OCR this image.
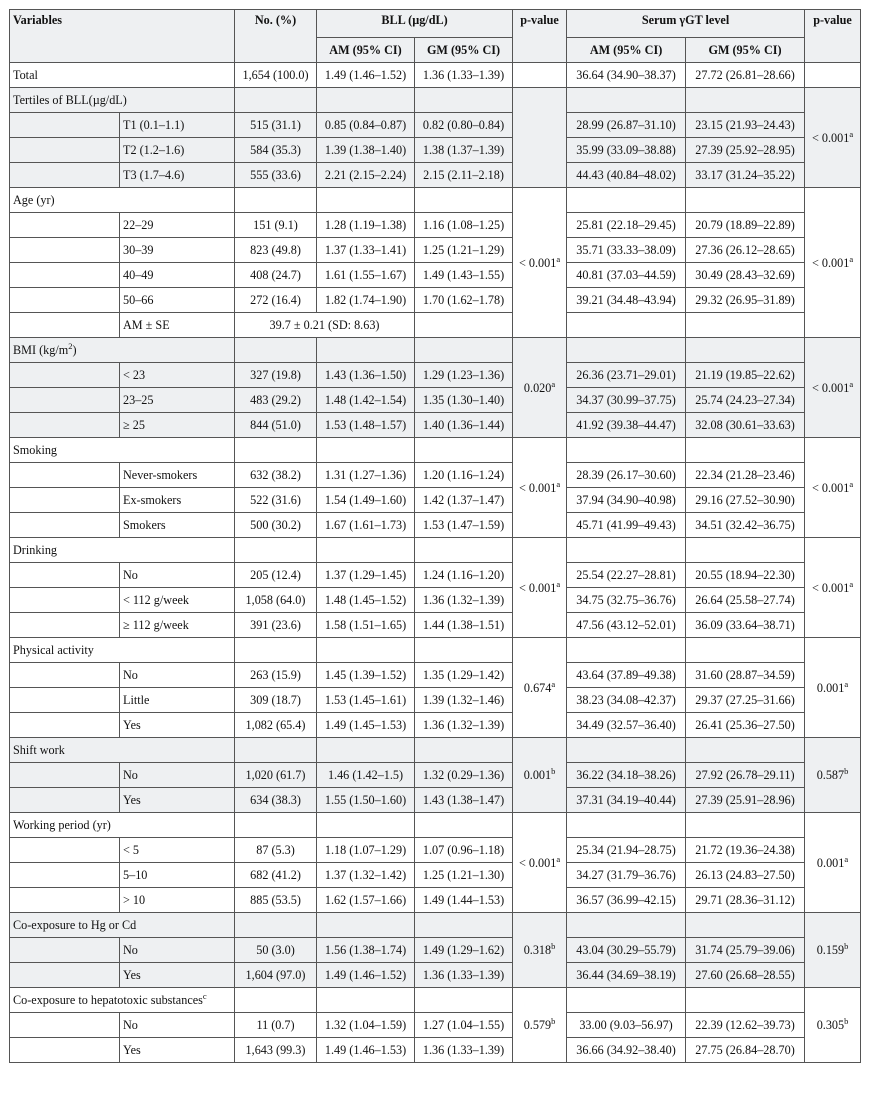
Variables		No. (%)	BLL (µg/dL)		p-value	Serum γGT level		p-value
			AM (95% CI)	GM (95% CI)		AM (95% CI)	GM (95% CI)	
Total		1,654 (100.0)	1.49 (1.46–1.52)	1.36 (1.33–1.39)		36.64 (34.90–38.37)	27.72 (26.81–28.66)	
Tertiles of BLL(µg/dL)								< 0.001$^a$
	T1 (0.1–1.1)	515 (31.1)	0.85 (0.84–0.87)	0.82 (0.80–0.84)		28.99 (26.87–31.10)	23.15 (21.93–24.43)	
	T2 (1.2–1.6)	584 (35.3)	1.39 (1.38–1.40)	1.38 (1.37–1.39)		35.99 (33.09–38.88)	27.39 (25.92–28.95)	
	T3 (1.7–4.6)	555 (33.6)	2.21 (2.15–2.24)	2.15 (2.11–2.18)		44.43 (40.84–48.02)	33.17 (31.24–35.22)	
Age (yr)					< 0.001$^a$			< 0.001$^a$
	22–29	151 (9.1)	1.28 (1.19–1.38)	1.16 (1.08–1.25)		25.81 (22.18–29.45)	20.79 (18.89–22.89)	
	30–39	823 (49.8)	1.37 (1.33–1.41)	1.25 (1.21–1.29)		35.71 (33.33–38.09)	27.36 (26.12–28.65)	
	40–49	408 (24.7)	1.61 (1.55–1.67)	1.49 (1.43–1.55)		40.81 (37.03–44.59)	30.49 (28.43–32.69)	
	50–66	272 (16.4)	1.82 (1.74–1.90)	1.70 (1.62–1.78)		39.21 (34.48–43.94)	29.32 (26.95–31.89)	
	AM ± SE	39.7 ± 0.21 (SD: 8.63)						
BMI $(kg/m^2)$					0.020$^a$			< 0.001$^a$
	< 23	327 (19.8)	1.43 (1.36–1.50)	1.29 (1.23–1.36)		26.36 (23.71–29.01)	21.19 (19.85–22.62)	
	23–25	483 (29.2)	1.48 (1.42–1.54)	1.35 (1.30–1.40)		34.37 (30.99–37.75)	25.74 (24.23–27.34)	
	≥ 25	844 (51.0)	1.53 (1.48–1.57)	1.40 (1.36–1.44)		41.92 (39.38–44.47)	32.08 (30.61–33.63)	
Smoking					< 0.001$^a$			< 0.001$^a$
	Never-smokers	632 (38.2)	1.31 (1.27–1.36)	1.20 (1.16–1.24)		28.39 (26.17–30.60)	22.34 (21.28–23.46)	
	Ex-smokers	522 (31.6)	1.54 (1.49–1.60)	1.42 (1.37–1.47)		37.94 (34.90–40.98)	29.16 (27.52–30.90)	
	Smokers	500 (30.2)	1.67 (1.61–1.73)	1.53 (1.47–1.59)		45.71 (41.99–49.43)	34.51 (32.42–36.75)	
Drinking					< 0.001$^a$			< 0.001$^a$
	No	205 (12.4)	1.37 (1.29–1.45)	1.24 (1.16–1.20)		25.54 (22.27–28.81)	20.55 (18.94–22.30)	
	< 112 g/week	1,058 (64.0)	1.48 (1.45–1.52)	1.36 (1.32–1.39)		34.75 (32.75–36.76)	26.64 (25.58–27.74)	
	≥ 112 g/week	391 (23.6)	1.58 (1.51–1.65)	1.44 (1.38–1.51)		47.56 (43.12–52.01)	36.09 (33.64–38.71)	
Physical activity					0.674$^a$			0.001$^a$
	No	263 (15.9)	1.45 (1.39–1.52)	1.35 (1.29–1.42)		43.64 (37.89–49.38)	31.60 (28.87–34.59)	
	Little	309 (18.7)	1.53 (1.45–1.61)	1.39 (1.32–1.46)		38.23 (34.08–42.37)	29.37 (27.25–31.66)	
	Yes	1,082 (65.4)	1.49 (1.45–1.53)	1.36 (1.32–1.39)		34.49 (32.57–36.40)	26.41 (25.36–27.50)	
Shift work					0.001$^b$			0.587$^b$
	No	1,020 (61.7)	1.46 (1.42–1.5)	1.32 (0.29–1.36)		36.22 (34.18–38.26)	27.92 (26.78–29.11)	
	Yes	634 (38.3)	1.55 (1.50–1.60)	1.43 (1.38–1.47)		37.31 (34.19–40.44)	27.39 (25.91–28.96)	
Working period (yr)					< 0.001$^a$			0.001$^a$
	< 5	87 (5.3)	1.18 (1.07–1.29)	1.07 (0.96–1.18)		25.34 (21.94–28.75)	21.72 (19.36–24.38)	
	5–10	682 (41.2)	1.37 (1.32–1.42)	1.25 (1.21–1.30)		34.27 (31.79–36.76)	26.13 (24.83–27.50)	
	> 10	885 (53.5)	1.62 (1.57–1.66)	1.49 (1.44–1.53)		36.57 (36.99–42.15)	29.71 (28.36–31.12)	
Co-exposure to Hg or Cd					0.318$^b$			0.159$^b$
	No	50 (3.0)	1.56 (1.38–1.74)	1.49 (1.29–1.62)		43.04 (30.29–55.79)	31.74 (25.79–39.06)	
	Yes	1,604 (97.0)	1.49 (1.46–1.52)	1.36 (1.33–1.39)		36.44 (34.69–38.19)	27.60 (26.68–28.55)	
Co-exposure to hepatotoxic substances$^c$					0.579$^b$			0.305$^b$
	No	11 (0.7)	1.32 (1.04–1.59)	1.27 (1.04–1.55)		33.00 (9.03–56.97)	22.39 (12.62–39.73)	
	Yes	1,643 (99.3)	1.49 (1.46–1.53)	1.36 (1.33–1.39)		36.66 (34.92–38.40)	27.75 (26.84–28.70)	
